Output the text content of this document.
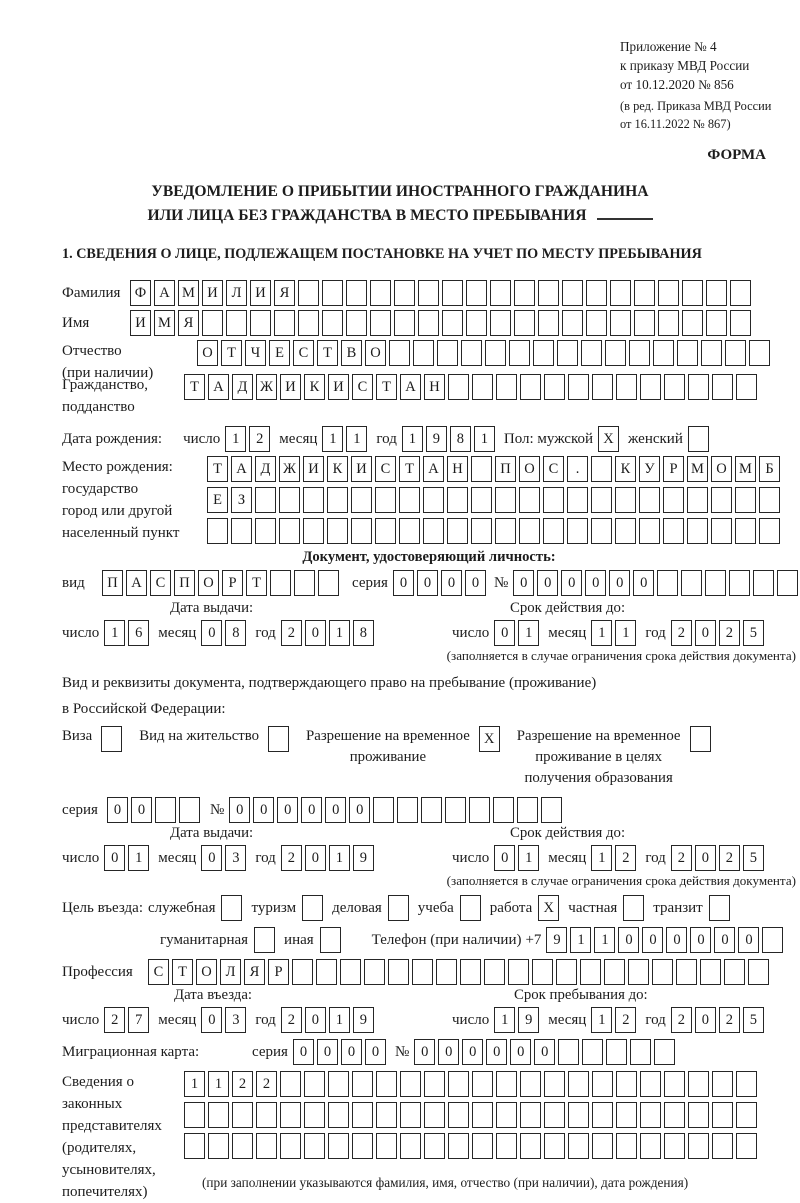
Приложение № 4
к приказу МВД России
от 10.12.2020 № 856
(в ред. Приказа МВД России
от 16.11.2022 № 867)
ФОРМА
УВЕДОМЛЕНИЕ О ПРИБЫТИИ ИНОСТРАННОГО ГРАЖДАНИНА
ИЛИ ЛИЦА БЕЗ ГРАЖДАНСТВА В МЕСТО ПРЕБЫВАНИЯ
1. СВЕДЕНИЯ О ЛИЦЕ, ПОДЛЕЖАЩЕМ ПОСТАНОВКЕ НА УЧЕТ ПО МЕСТУ ПРЕБЫВАНИЯ
Фамилия Ф А М И Л И Я
Имя	И М Я
Отчество
(при наличии)
О Т	Ч	Е	С	Т	В О
Гражданство,
подданство
Т А Д Ж И К И С	Т А Н
Дата рождения: число 1	2	месяц 1	1	год 1	9	8	1	Пол: мужской X женский
Место рождения:
государство
город или другой
населенный пункт
Т А Д Ж И К И С	Т А Н	П О С	.	К У	Р М О М Б
Е	З
Документ, удостоверяющий личность:
вид	П А С П О	Р	Т	серия 0	0	0	0 № 0	0	0	0	0	0
Дата выдачи:	Срок действия до:
число 1	6	месяц 0	8	год 2	0	1	8	число 0	1	месяц 1	1	год 2	0	2	5
(заполняется в случае ограничения срока действия документа)
Вид и реквизиты документа, подтверждающего право на пребывание (проживание)
в Российской Федерации:
Виза	Вид на жительство	Разрешение на временное
проживание
X	Разрешение на временное
проживание в целях
получения образования
серия	0	0	№ 0	0	0	0	0	0
Дата выдачи:	Срок действия до:
число 0	1	месяц 0	3	год 2	0	1	9	число 0	1	месяц 1	2	год 2	0	2	5
(заполняется в случае ограничения срока действия документа)
Цель въезда: служебная туризм деловая учеба работа X частная транзит
гуманитарная иная	Телефон (при наличии) +7 9	1	1	0	0	0	0	0	0
Профессия	С	Т О Л Я	Р
Дата въезда:	Срок пребывания до:
число 2	7	месяц 0	3	год 2	0	1	9	число 1	9	месяц 1	2	год 2	0	2	5
Миграционная карта:	серия 0	0	0	0	№ 0	0	0	0	0	0
Сведения о
законных
представителях
(родителях,
усыновителях,
попечителях)
1	1	2	2
(при заполнении указываются фамилия, имя, отчество (при наличии), дата рождения)
